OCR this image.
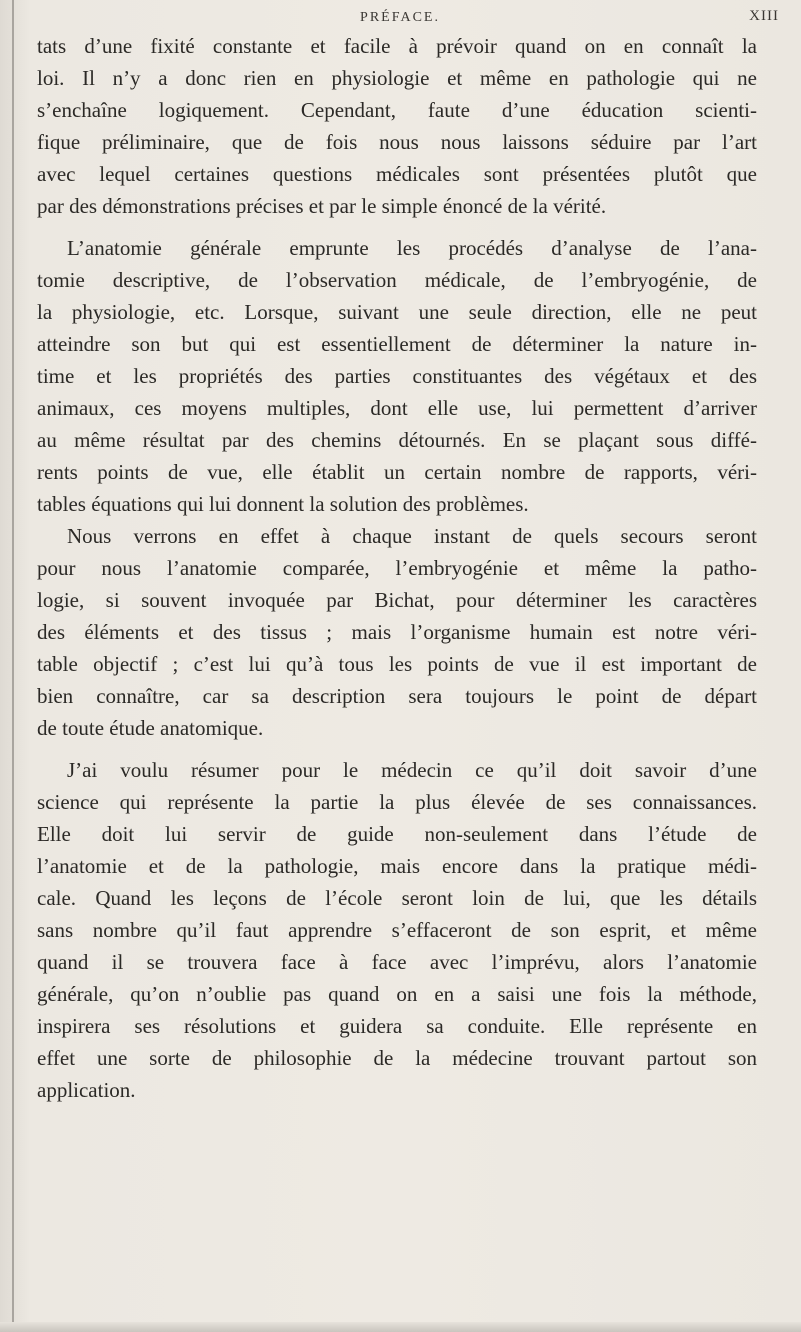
PRÉFACE.	XIII
tats d’une fixité constante et facile à prévoir quand on en connaît la
loi. Il n’y a donc rien en physiologie et même en pathologie qui ne
s’enchaîne logiquement. Cependant, faute d’une éducation scienti-
fique préliminaire, que de fois nous nous laissons séduire par l’art
avec lequel certaines questions médicales sont présentées plutôt que
par des démonstrations précises et par le simple énoncé de la vérité.
L’anatomie générale emprunte les procédés d’analyse de l’ana-
tomie descriptive, de l’observation médicale, de l’embryogénie, de
la physiologie, etc. Lorsque, suivant une seule direction, elle ne peut
atteindre son but qui est essentiellement de déterminer la nature in-
time et les propriétés des parties constituantes des végétaux et des
animaux, ces moyens multiples, dont elle use, lui permettent d’arriver
au même résultat par des chemins détournés. En se plaçant sous diffé-
rents points de vue, elle établit un certain nombre de rapports, véri-
tables équations qui lui donnent la solution des problèmes.
Nous verrons en effet à chaque instant de quels secours seront
pour nous l’anatomie comparée, l’embryogénie et même la patho-
logie, si souvent invoquée par Bichat, pour déterminer les caractères
des éléments et des tissus ; mais l’organisme humain est notre véri-
table objectif ; c’est lui qu’à tous les points de vue il est important de
bien connaître, car sa description sera toujours le point de départ
de toute étude anatomique.
J’ai voulu résumer pour le médecin ce qu’il doit savoir d’une
science qui représente la partie la plus élevée de ses connaissances.
Elle doit lui servir de guide non-seulement dans l’étude de
l’anatomie et de la pathologie, mais encore dans la pratique médi-
cale. Quand les leçons de l’école seront loin de lui, que les détails
sans nombre qu’il faut apprendre s’effaceront de son esprit, et même
quand il se trouvera face à face avec l’imprévu, alors l’anatomie
générale, qu’on n’oublie pas quand on en a saisi une fois la méthode,
inspirera ses résolutions et guidera sa conduite. Elle représente en
effet une sorte de philosophie de la médecine trouvant partout son
application.
